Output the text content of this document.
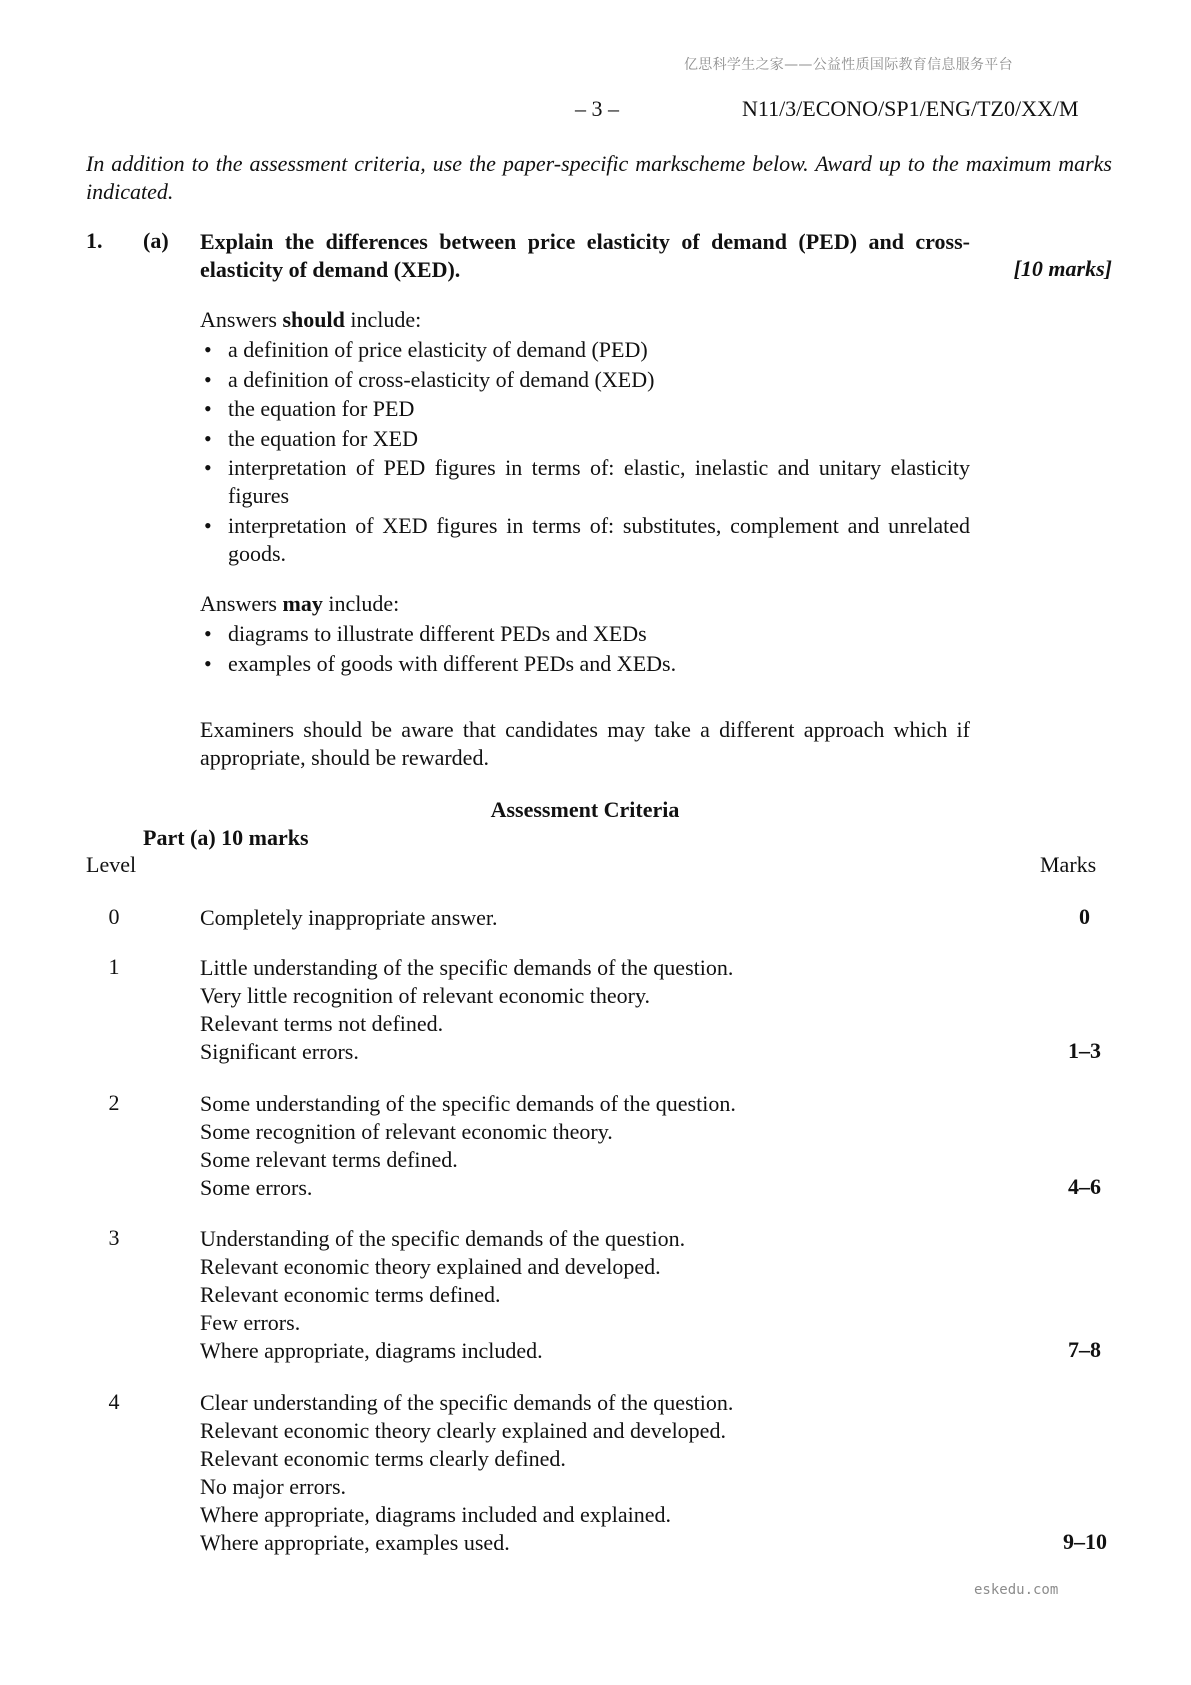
亿思科学生之家——公益性质国际教育信息服务平台
– 3 –	N11/3/ECONO/SP1/ENG/TZ0/XX/M
In addition to the assessment criteria, use the paper-specific markscheme below. Award up to the maximum marks indicated.
1. (a) Explain the differences between price elasticity of demand (PED) and cross-elasticity of demand (XED).	[10 marks]

Answers should include:

• a definition of price elasticity of demand (PED)
• a definition of cross-elasticity of demand (XED)
• the equation for PED
• the equation for XED
• interpretation of PED figures in terms of: elastic, inelastic and unitary elasticity figures
• interpretation of XED figures in terms of: substitutes, complement and unrelated goods.

Answers may include:

• diagrams to illustrate different PEDs and XEDs
• examples of goods with different PEDs and XEDs.
Examiners should be aware that candidates may take a different approach which if appropriate, should be rewarded.
Assessment Criteria
Part (a) 10 marks
Level	Marks
0	Completely inappropriate answer.	0
1	Little understanding of the specific demands of the question.
Very little recognition of relevant economic theory.
Relevant terms not defined.
Significant errors.	1–3
2	Some understanding of the specific demands of the question.
Some recognition of relevant economic theory.
Some relevant terms defined.
Some errors.	4–6
3	Understanding of the specific demands of the question.
Relevant economic theory explained and developed.
Relevant economic terms defined.
Few errors.
Where appropriate, diagrams included.	7–8
4	Clear understanding of the specific demands of the question.
Relevant economic theory clearly explained and developed.
Relevant economic terms clearly defined.
No major errors.
Where appropriate, diagrams included and explained.
Where appropriate, examples used.	9–10
eskedu.com
